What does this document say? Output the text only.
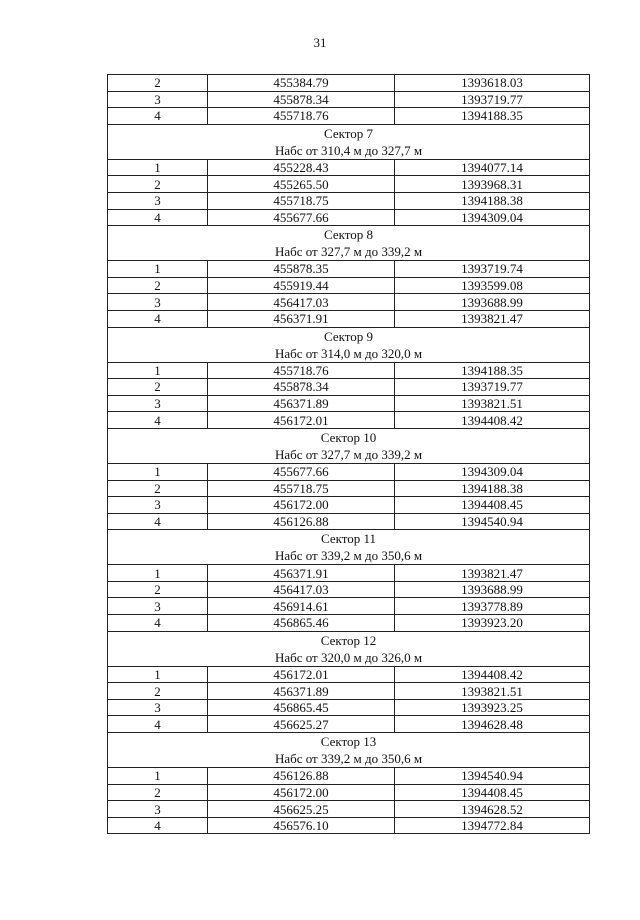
31
2	455384.79	1393618.03
3	455878.34	1393719.77
4	455718.76	1394188.35

Сектор 7
Набс от 310,4 м до 327,7 м		

1	455228.43	1394077.14
2	455265.50	1393968.31
3	455718.75	1394188.38
4	455677.66	1394309.04

Сектор 8
Набс от 327,7 м до 339,2 м		

1	455878.35	1393719.74
2	455919.44	1393599.08
3	456417.03	1393688.99
4	456371.91	1393821.47

Сектор 9
Набс от 314,0 м до 320,0 м		

1	455718.76	1394188.35
2	455878.34	1393719.77
3	456371.89	1393821.51
4	456172.01	1394408.42

Сектор 10
Набс от 327,7 м до 339,2 м		

1	455677.66	1394309.04
2	455718.75	1394188.38
3	456172.00	1394408.45
4	456126.88	1394540.94

Сектор 11
Набс от 339,2 м до 350,6 м		

1	456371.91	1393821.47
2	456417.03	1393688.99
3	456914.61	1393778.89
4	456865.46	1393923.20

Сектор 12
Набс от 320,0 м до 326,0 м		

1	456172.01	1394408.42
2	456371.89	1393821.51
3	456865.45	1393923.25
4	456625.27	1394628.48

Сектор 13
Набс от 339,2 м до 350,6 м		

1	456126.88	1394540.94
2	456172.00	1394408.45
3	456625.25	1394628.52
4	456576.10	1394772.84
